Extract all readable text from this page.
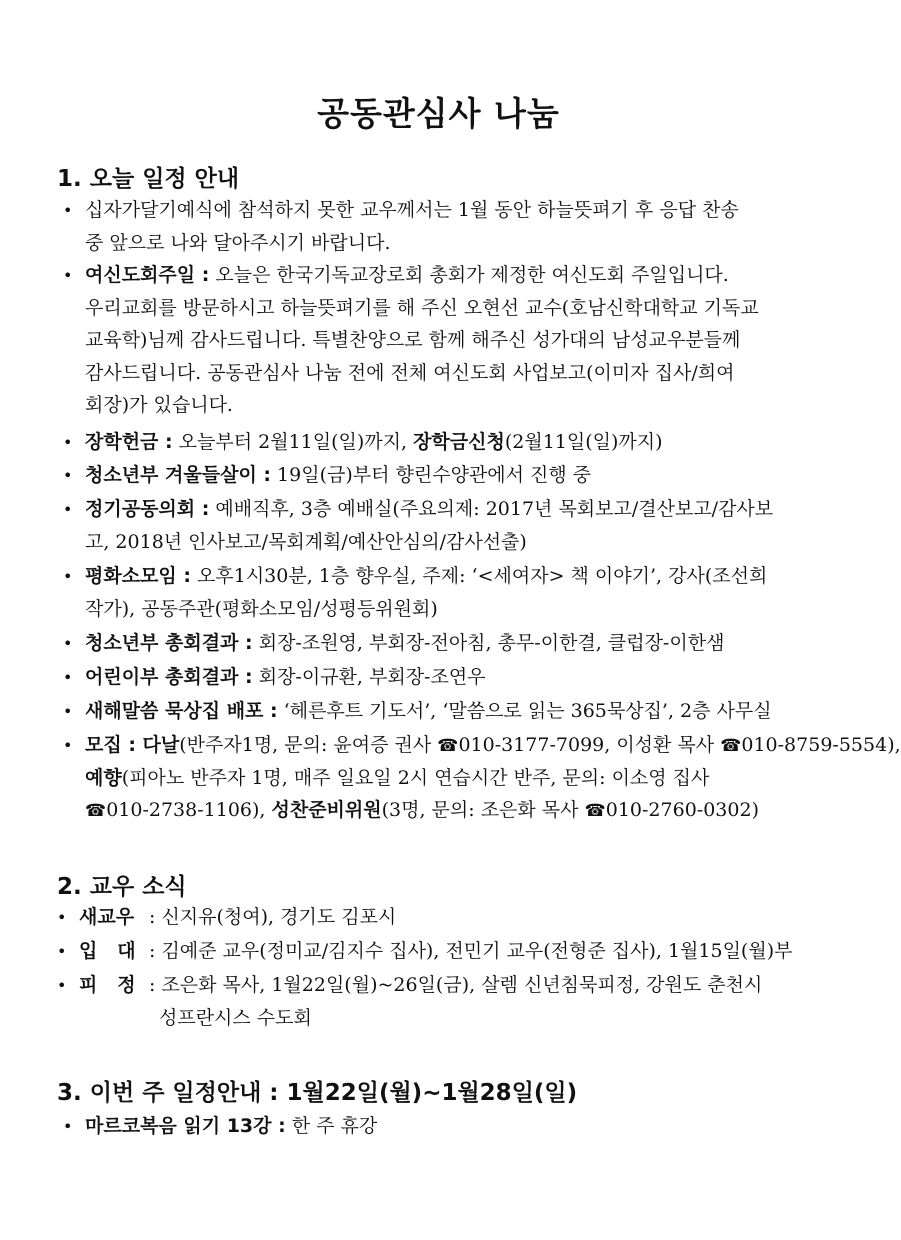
공동관심사 나눔
1. 오늘 일정 안내
• 십자가달기예식에 참석하지 못한 교우께서는 1월 동안 하늘뜻펴기 후 응답 찬송
중 앞으로 나와 달아주시기 바랍니다.
• 여신도회주일 : 오늘은 한국기독교장로회 총회가 제정한 여신도회 주일입니다.
우리교회를 방문하시고 하늘뜻펴기를 해 주신 오현선 교수(호남신학대학교 기독교
교육학)님께 감사드립니다. 특별찬양으로 함께 해주신 성가대의 남성교우분들께
감사드립니다. 공동관심사 나눔 전에 전체 여신도회 사업보고(이미자 집사/희여
회장)가 있습니다.
• 장학헌금 : 오늘부터 2월11일(일)까지, 장학금신청(2월11일(일)까지)
• 청소년부 겨울들살이 : 19일(금)부터 향린수양관에서 진행 중
• 정기공동의회 : 예배직후, 3층 예배실(주요의제: 2017년 목회보고/결산보고/감사보
고, 2018년 인사보고/목회계획/예산안심의/감사선출)
• 평화소모임 : 오후1시30분, 1층 향우실, 주제: ‘<세여자> 책 이야기’, 강사(조선희
작가), 공동주관(평화소모임/성평등위원회)
• 청소년부 총회결과 : 회장-조원영, 부회장-전아침, 총무-이한결, 클럽장-이한샘
• 어린이부 총회결과 : 회장-이규환, 부회장-조연우
• 새해말씀 묵상집 배포 : ‘헤른후트 기도서’, ‘말씀으로 읽는 365묵상집’, 2층 사무실
• 모집 : 다날(반주자1명, 문의: 윤여증 권사 ☎010-3177-7099, 이성환 목사 ☎010-8759-5554),
예향(피아노 반주자 1명, 매주 일요일 2시 연습시간 반주, 문의: 이소영 집사
☎010-2738-1106), 성찬준비위원(3명, 문의: 조은화 목사 ☎010-2760-0302)
2. 교우 소식
• 새교우 : 신지유(청여), 경기도 김포시
• 입   대 : 김예준 교우(정미교/김지수 집사), 전민기 교우(전형준 집사), 1월15일(월)부
• 피   정 : 조은화 목사, 1월22일(월)~26일(금), 살렘 신년침묵피정, 강원도 춘천시
성프란시스 수도회
3. 이번 주 일정안내 : 1월22일(월)~1월28일(일)
• 마르코복음 읽기 13강 : 한 주 휴강
